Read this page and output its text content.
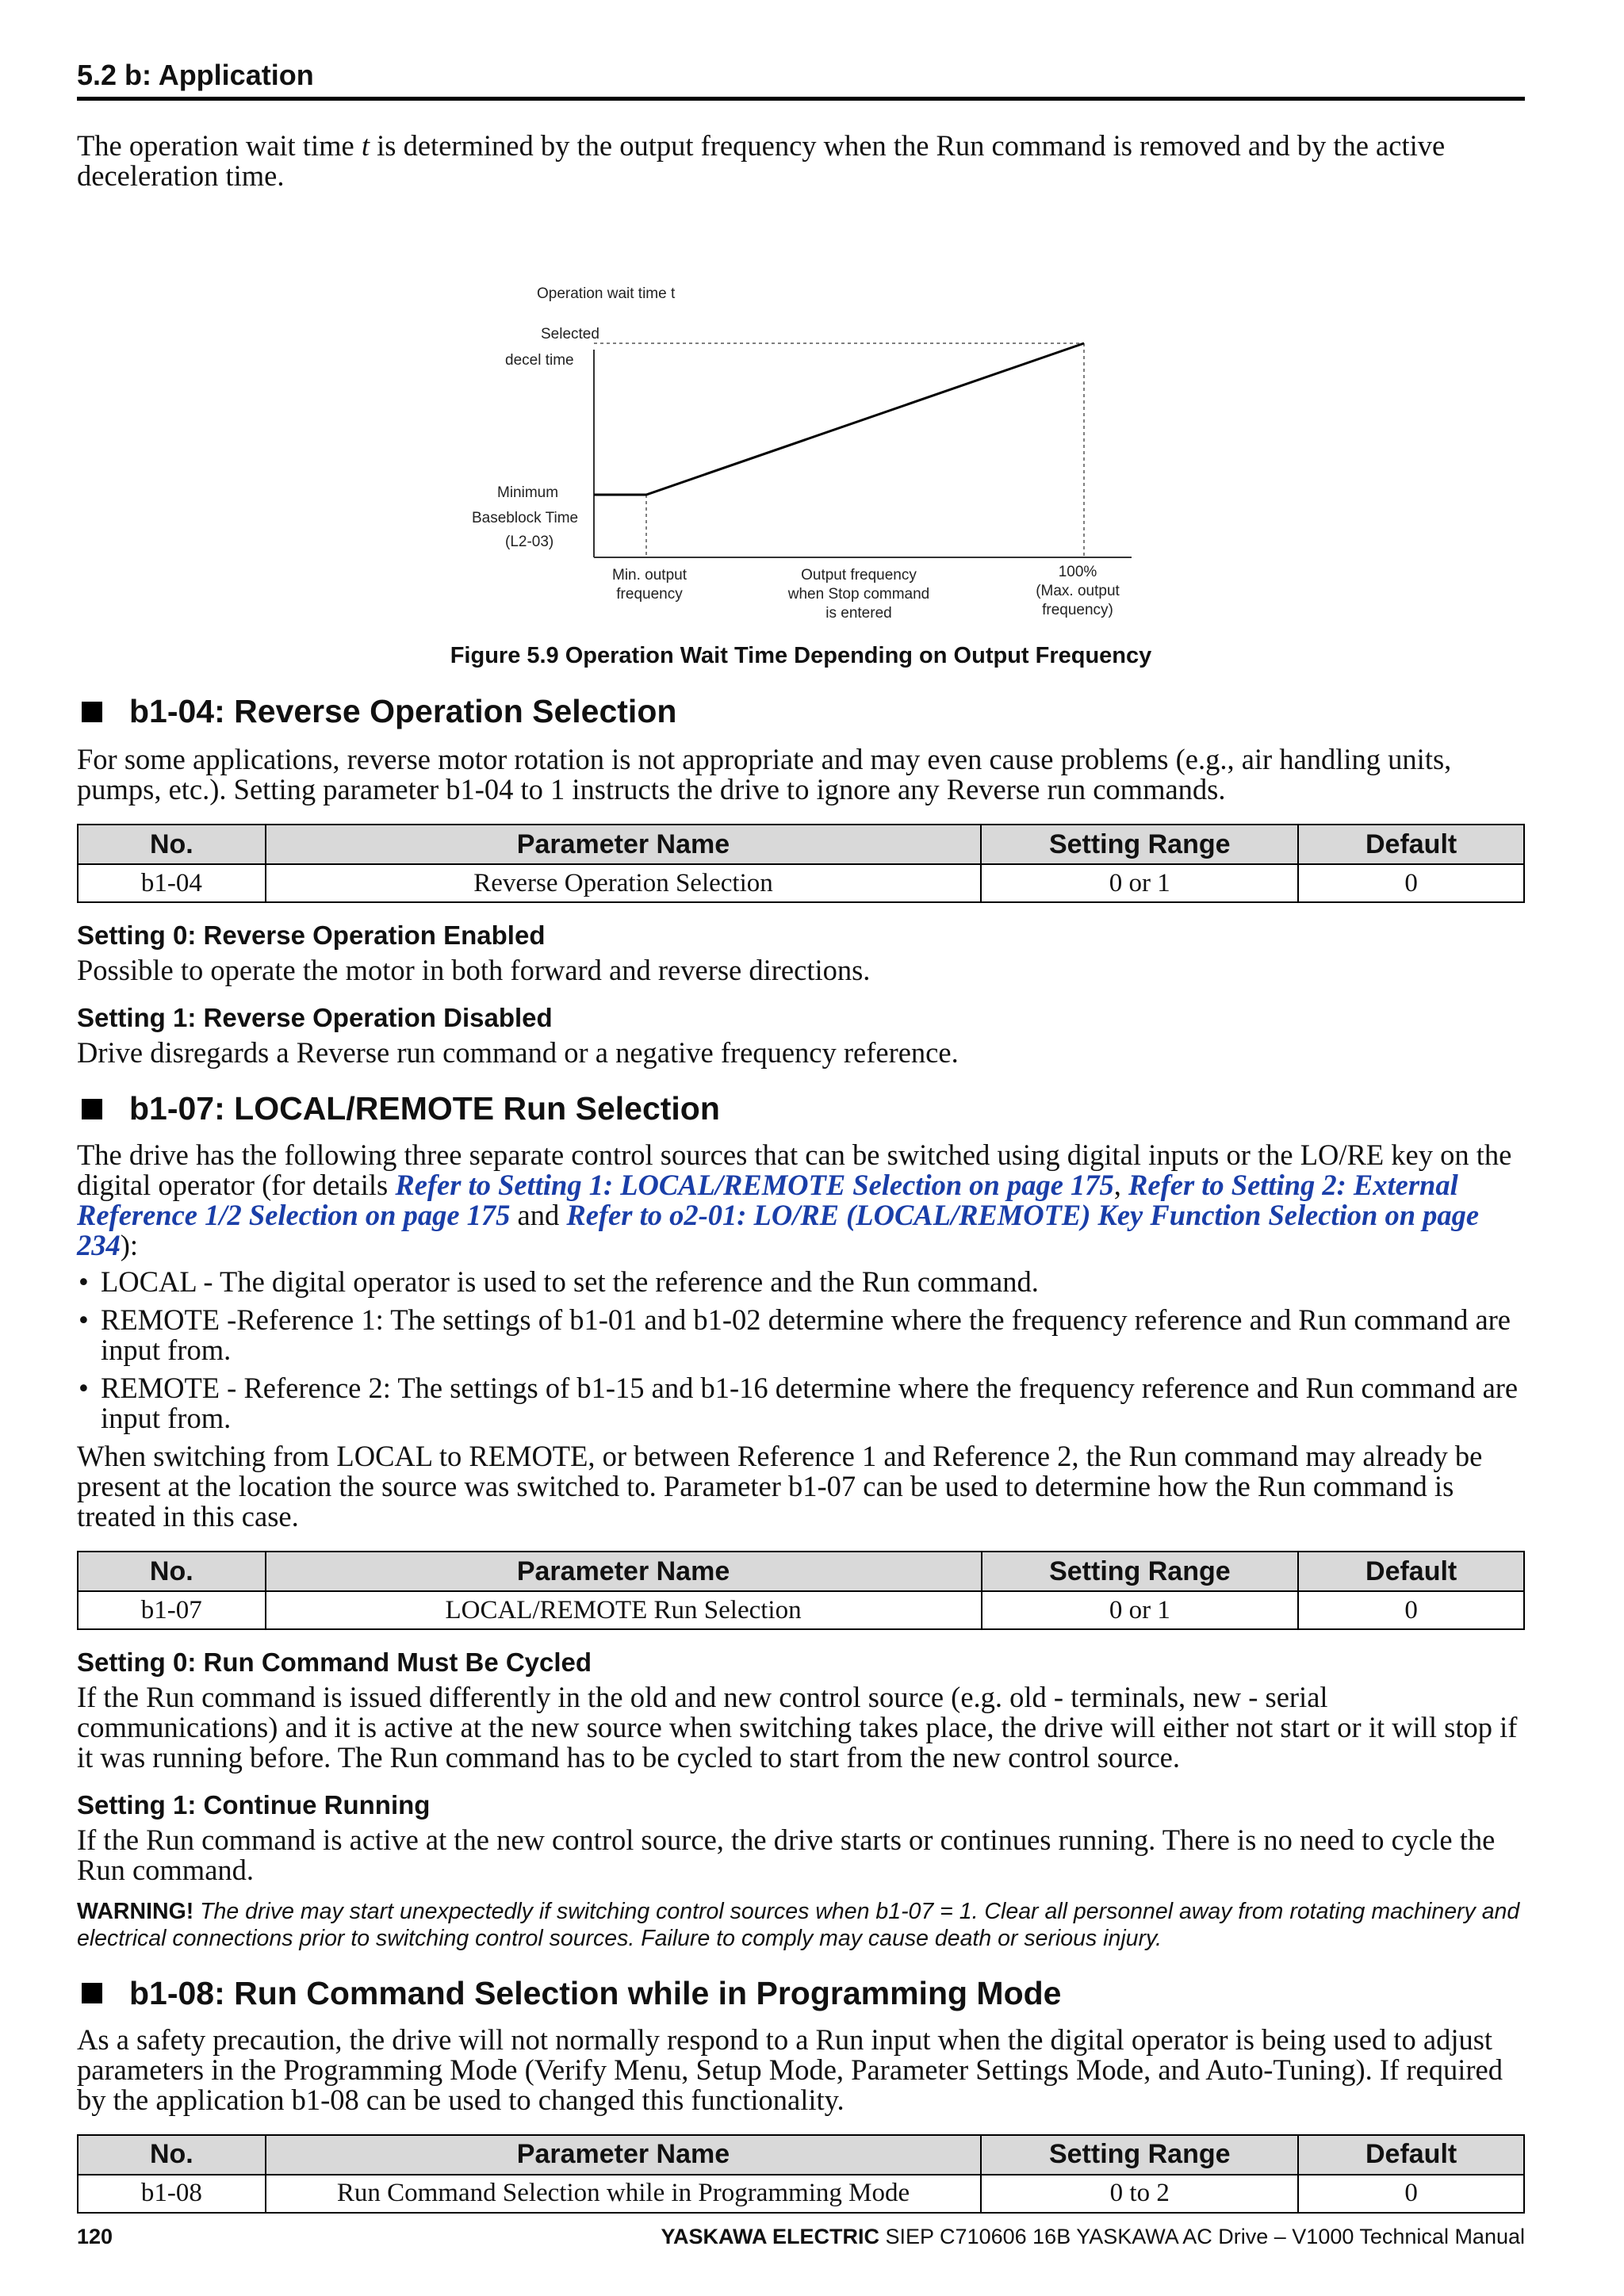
5.2 b: Application

The operation wait time t is determined by the output frequency when the Run command is removed and by the active deceleration time.

Operation wait time t
Selected
decel time
Minimum
Baseblock Time
(L2-03)
Min. output
frequency
Output frequency
when Stop command
is entered
100%
(Max. output
frequency)
Figure 5.9 Operation Wait Time Depending on Output Frequency
b1-04: Reverse Operation Selection

For some applications, reverse motor rotation is not appropriate and may even cause problems (e.g., air handling units, pumps, etc.). Setting parameter b1-04 to 1 instructs the drive to ignore any Reverse run commands.

No.	Parameter Name	Setting Range	Default
b1-04	Reverse Operation Selection	0 or 1	0
Setting 0: Reverse Operation Enabled

Possible to operate the motor in both forward and reverse directions.

Setting 1: Reverse Operation Disabled

Drive disregards a Reverse run command or a negative frequency reference.

b1-07: LOCAL/REMOTE Run Selection

The drive has the following three separate control sources that can be switched using digital inputs or the LO/RE key on the digital operator (for details Refer to Setting 1: LOCAL/REMOTE Selection on page 175, Refer to Setting 2: External Reference 1/2 Selection on page 175 and Refer to o2-01: LO/RE (LOCAL/REMOTE) Key Function Selection on page 234):

• LOCAL - The digital operator is used to set the reference and the Run command.
• REMOTE -Reference 1: The settings of b1-01 and b1-02 determine where the frequency reference and Run command are input from.
• REMOTE - Reference 2: The settings of b1-15 and b1-16 determine where the frequency reference and Run command are input from.

When switching from LOCAL to REMOTE, or between Reference 1 and Reference 2, the Run command may already be present at the location the source was switched to. Parameter b1-07 can be used to determine how the Run command is treated in this case.

No.	Parameter Name	Setting Range	Default
b1-07	LOCAL/REMOTE Run Selection	0 or 1	0
Setting 0: Run Command Must Be Cycled

If the Run command is issued differently in the old and new control source (e.g. old - terminals, new - serial communications) and it is active at the new source when switching takes place, the drive will either not start or it will stop if it was running before. The Run command has to be cycled to start from the new control source.

Setting 1: Continue Running

If the Run command is active at the new control source, the drive starts or continues running. There is no need to cycle the Run command.

WARNING! The drive may start unexpectedly if switching control sources when b1-07 = 1. Clear all personnel away from rotating machinery and electrical connections prior to switching control sources. Failure to comply may cause death or serious injury.

b1-08: Run Command Selection while in Programming Mode

As a safety precaution, the drive will not normally respond to a Run input when the digital operator is being used to adjust parameters in the Programming Mode (Verify Menu, Setup Mode, Parameter Settings Mode, and Auto-Tuning). If required by the application b1-08 can be used to changed this functionality.

No.	Parameter Name	Setting Range	Default
b1-08	Run Command Selection while in Programming Mode	0 to 2	0
120	YASKAWA ELECTRIC SIEP C710606 16B YASKAWA AC Drive – V1000 Technical Manual
